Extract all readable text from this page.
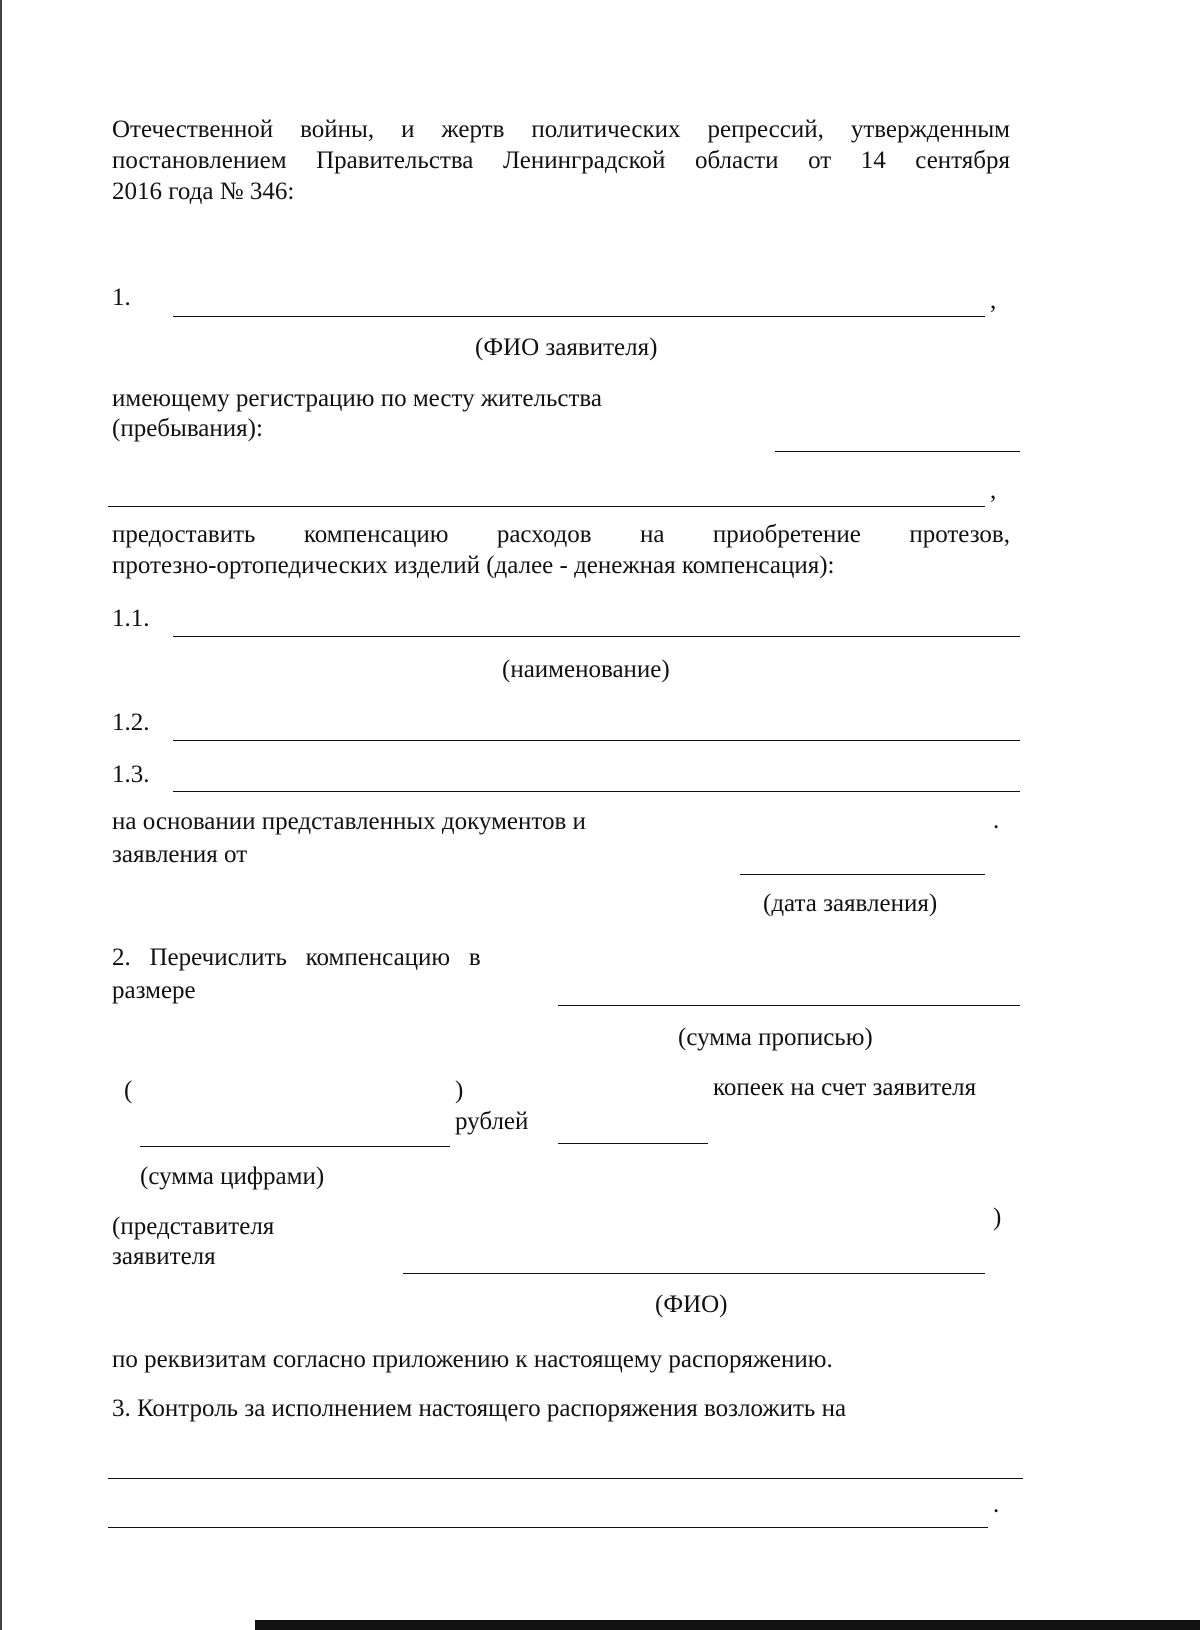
Отечественной войны, и жертв политических репрессий, утвержденным

постановлением Правительства Ленинградской области от 14 сентября

2016 года № 346:

1.	,
(ФИО заявителя)

имеющему регистрацию по месту жительства

(пребывания):

,

предоставить компенсацию расходов на приобретение протезов,

протезно-ортопедических изделий (далее - денежная компенсация):

1.1.
(наименование)
1.2.
1.3.

на основании представленных документов и

заявления от

.
(дата заявления)

2.   Перечислить   компенсацию   в

размере

(сумма прописью)
(	)
рублей
копеек на счет заявителя
(сумма цифрами)

(представителя

заявителя

)
(ФИО)

по реквизитам согласно приложению к настоящему распоряжению.

3. Контроль за исполнением настоящего распоряжения возложить на

.
